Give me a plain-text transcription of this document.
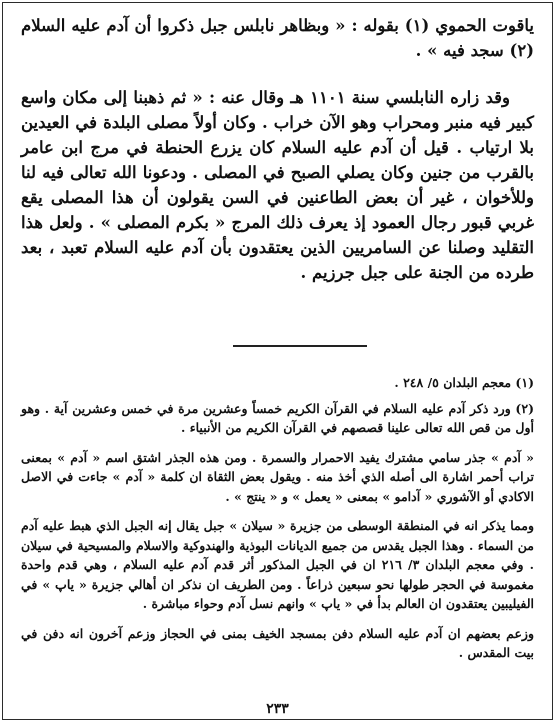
ياقوت الحموي (١) بقوله : « وبظاهر نابلس جبل ذكروا أن آدم عليه السلام (٢) سجد فيه » .

وقد زاره النابلسي سنة ١١٠١ هـ وقال عنه : « ثم ذهبنا إلى مكان واسع كبير فيه منبر ومحراب وهو الآن خراب . وكان أولاً مصلى البلدة في العيدين بلا ارتياب . قيل أن آدم عليه السلام كان يزرع الحنطة في مرج ابن عامر بالقرب من جنين وكان يصلي الصبح في المصلى . ودعونا الله تعالى فيه لنا وللأخوان ، غير أن بعض الطاعنين في السن يقولون أن هذا المصلى يقع غربي قبور رجال العمود إذ يعرف ذلك المرج « بكرم المصلى » . ولعل هذا التقليد وصلنا عن السامريين الذين يعتقدون بأن آدم عليه السلام تعبد ، بعد طرده من الجنة على جبل جرزيم .

(١) معجم البلدان ٥/ ٢٤٨ .

(٢) ورد ذكر آدم عليه السلام في القرآن الكريم خمساً وعشرين مرة في خمس وعشرين آية . وهو أول من قص الله تعالى علينا قصصهم في القرآن الكريم من الأنبياء .

« آدم » جذر سامي مشترك يفيد الاحمرار والسمرة . ومن هذه الجذر اشتق اسم « آدم » بمعنى تراب أحمر اشارة الى أصله الذي أخذ منه . ويقول بعض الثقاة ان كلمة « آدم » جاءت في الاصل الاكادي أو الآشوري « آدامو » بمعنى « يعمل » و « ينتج » .

ومما يذكر انه في المنطقة الوسطى من جزيرة « سيلان » جبل يقال إنه الجبل الذي هبط عليه آدم من السماء . وهذا الجبل يقدس من جميع الديانات البوذية والهندوكية والاسلام والمسيحية في سيلان . وفي معجم البلدان ٣/ ٢١٦ ان في الجبل المذكور أثر قدم آدم عليه السلام ، وهي قدم واحدة مغموسة في الحجر طولها نحو سبعين ذراعاً . ومن الطريف ان نذكر ان أهالي جزيرة « ياپ » في الفيليبين يعتقدون ان العالم بدأ في « ياپ » وانهم نسل آدم وحواء مباشرة .

وزعم بعضهم ان آدم عليه السلام دفن بمسجد الخيف بمنى في الحجاز وزعم آخرون انه دفن في بيت المقدس .

٢٣٣
